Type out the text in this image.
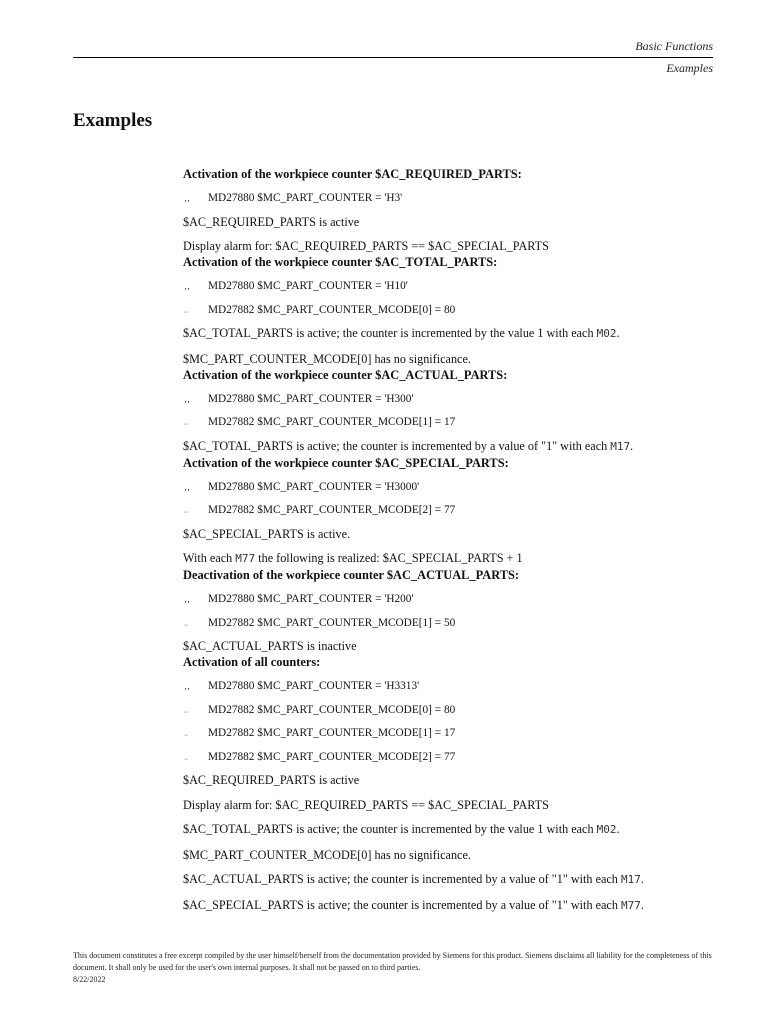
Basic Functions
Examples
Examples
Activation of the workpiece counter $AC_REQUIRED_PARTS:
‚‚ MD27880 $MC_PART_COUNTER = 'H3'
$AC_REQUIRED_PARTS is active
Display alarm for: $AC_REQUIRED_PARTS == $AC_SPECIAL_PARTS
Activation of the workpiece counter $AC_TOTAL_PARTS:
‚‚ MD27880 $MC_PART_COUNTER = 'H10'
‚‚ MD27882 $MC_PART_COUNTER_MCODE[0] = 80
$AC_TOTAL_PARTS is active; the counter is incremented by the value 1 with each M02.
$MC_PART_COUNTER_MCODE[0] has no significance.
Activation of the workpiece counter $AC_ACTUAL_PARTS:
‚‚ MD27880 $MC_PART_COUNTER = 'H300'
‚‚ MD27882 $MC_PART_COUNTER_MCODE[1] = 17
$AC_TOTAL_PARTS is active; the counter is incremented by a value of "1" with each M17.
Activation of the workpiece counter $AC_SPECIAL_PARTS:
‚‚ MD27880 $MC_PART_COUNTER = 'H3000'
‚‚ MD27882 $MC_PART_COUNTER_MCODE[2] = 77
$AC_SPECIAL_PARTS is active.
With each M77 the following is realized: $AC_SPECIAL_PARTS + 1
Deactivation of the workpiece counter $AC_ACTUAL_PARTS:
‚‚ MD27880 $MC_PART_COUNTER = 'H200'
‚‚ MD27882 $MC_PART_COUNTER_MCODE[1] = 50
$AC_ACTUAL_PARTS is inactive
Activation of all counters:
‚‚ MD27880 $MC_PART_COUNTER = 'H3313'
‚‚ MD27882 $MC_PART_COUNTER_MCODE[0] = 80
‚‚ MD27882 $MC_PART_COUNTER_MCODE[1] = 17
‚‚ MD27882 $MC_PART_COUNTER_MCODE[2] = 77
$AC_REQUIRED_PARTS is active
Display alarm for: $AC_REQUIRED_PARTS == $AC_SPECIAL_PARTS
$AC_TOTAL_PARTS is active; the counter is incremented by the value 1 with each M02.
$MC_PART_COUNTER_MCODE[0] has no significance.
$AC_ACTUAL_PARTS is active; the counter is incremented by a value of "1" with each M17.
$AC_SPECIAL_PARTS is active; the counter is incremented by a value of "1" with each M77.
This document constitutes a free excerpt compiled by the user himself/herself from the documentation provided by Siemens for this product. Siemens disclaims all liability for the completeness of this document. It shall only be used for the user's own internal purposes. It shall not be passed on to third parties.
8/22/2022
